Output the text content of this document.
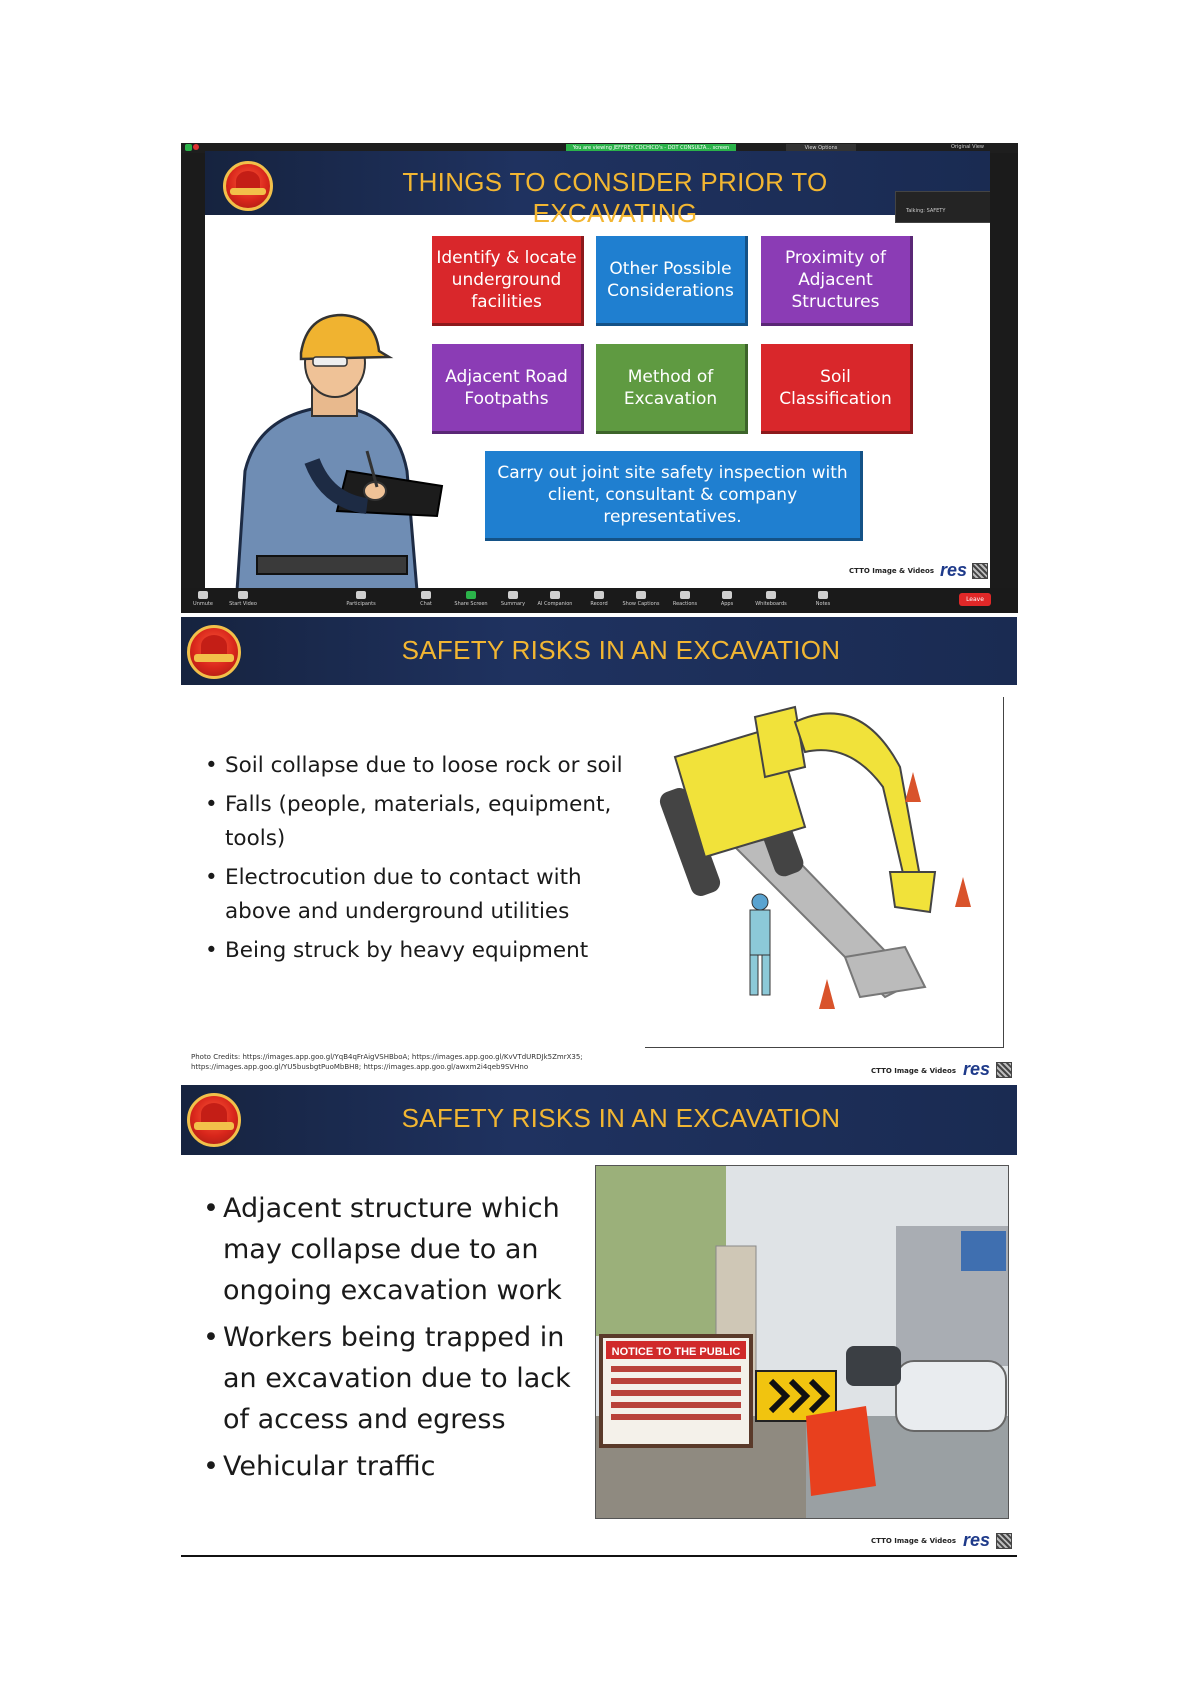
You are viewing JEFFREY COCHICO's - DOT CONSULTA... screen	View Options	Original View
THINGS TO CONSIDER PRIOR TO EXCAVATING
Identify & locate underground facilities
Other Possible Considerations
Proximity of Adjacent Structures
Adjacent Road Footpaths
Method of Excavation
Soil Classification
Carry out joint site safety inspection with client, consultant & company representatives.
CTTO Image & Videos res
Talking: SAFETY
Unmute	Start Video	Participants	Chat	Share Screen	Summary	AI Companion	Record	Show Captions	Reactions	Apps	Whiteboards	Notes
Leave
SAFETY RISKS IN AN EXCAVATION
• Soil collapse due to loose rock or soil
• Falls (people, materials, equipment, tools)
• Electrocution due to contact with above and underground utilities
• Being struck by heavy equipment
Photo Credits: https://images.app.goo.gl/YqB4qFrAigVSHBboA; https://images.app.goo.gl/KvVTdURDJk5ZmrX35;
https://images.app.goo.gl/YU5busbgtPuoMbBH8; https://images.app.goo.gl/awxm2i4qeb9SVHno	CTTO Image & Videos res
SAFETY RISKS IN AN EXCAVATION
• Adjacent structure which may collapse due to an ongoing excavation work
• Workers being trapped in an excavation due to lack of access and egress
• Vehicular traffic
NOTICE TO THE PUBLIC
CTTO Image & Videos res
